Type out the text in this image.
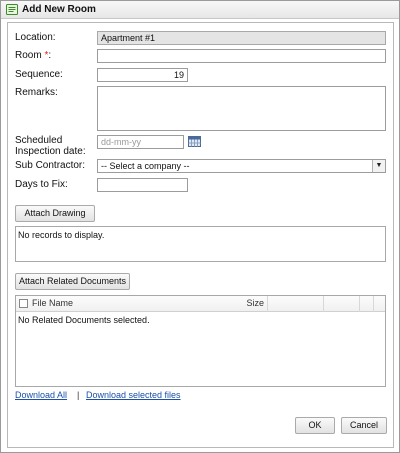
Add New Room
Location:	Apartment #1
Room *:
Sequence:	19
Remarks:
Scheduled
Inspection date:
dd-mm-yy
Sub Contractor:	-- Select a company --	▼
Days to Fix:
Attach Drawing
No records to display.
Attach Related Documents
File Name	Size
No Related Documents selected.
Download All | Download selected files
OK	Cancel
